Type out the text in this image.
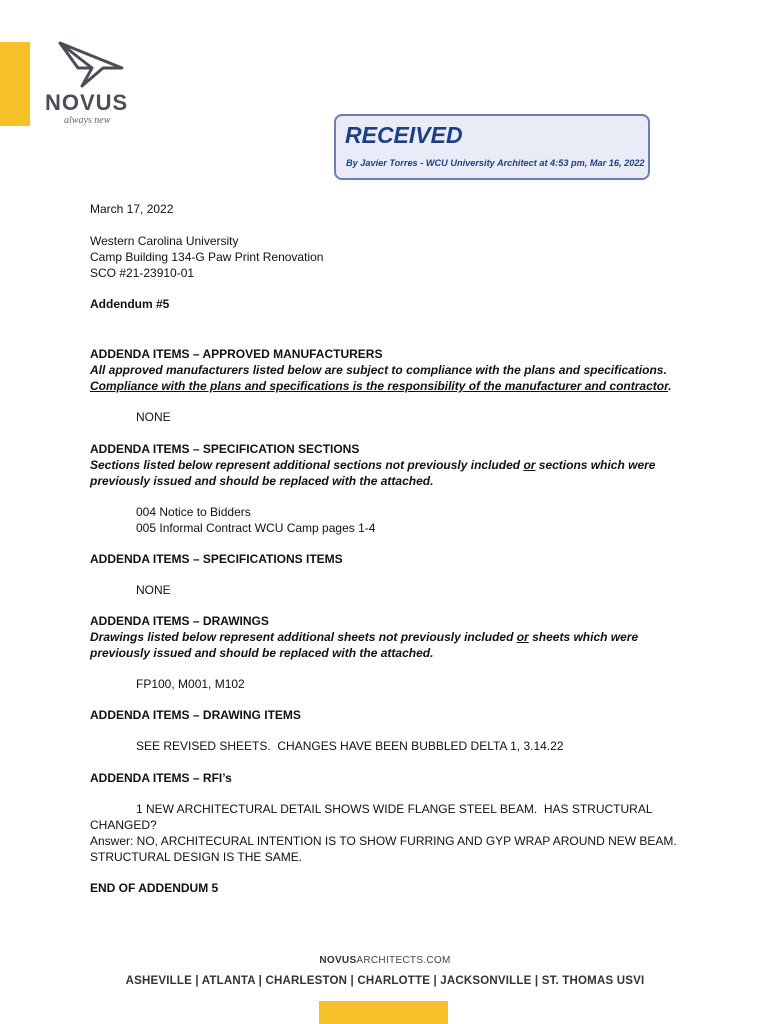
NOVUS
always new
RECEIVED
By Javier Torres - WCU University Architect at 4:53 pm, Mar 16, 2022
March 17, 2022
Western Carolina University
Camp Building 134-G Paw Print Renovation
SCO #21-23910-01
Addendum #5
ADDENDA ITEMS – APPROVED MANUFACTURERS
All approved manufacturers listed below are subject to compliance with the plans and specifications.  Compliance with the plans and specifications is the responsibility of the manufacturer and contractor.
NONE
ADDENDA ITEMS – SPECIFICATION SECTIONS
Sections listed below represent additional sections not previously included or sections which were previously issued and should be replaced with the attached.
004 Notice to Bidders
005 Informal Contract WCU Camp pages 1-4
ADDENDA ITEMS – SPECIFICATIONS ITEMS
NONE
ADDENDA ITEMS – DRAWINGS
Drawings listed below represent additional sheets not previously included or sheets which were previously issued and should be replaced with the attached.
FP100, M001, M102
ADDENDA ITEMS – DRAWING ITEMS
SEE REVISED SHEETS.  CHANGES HAVE BEEN BUBBLED DELTA 1, 3.14.22
ADDENDA ITEMS – RFI’s
1 NEW ARCHITECTURAL DETAIL SHOWS WIDE FLANGE STEEL BEAM.  HAS STRUCTURAL CHANGED?
Answer: NO, ARCHITECURAL INTENTION IS TO SHOW FURRING AND GYP WRAP AROUND NEW BEAM.  STRUCTURAL DESIGN IS THE SAME.
END OF ADDENDUM 5
NOVUSARCHITECTS.COM
ASHEVILLE | ATLANTA | CHARLESTON | CHARLOTTE | JACKSONVILLE | ST. THOMAS USVI
